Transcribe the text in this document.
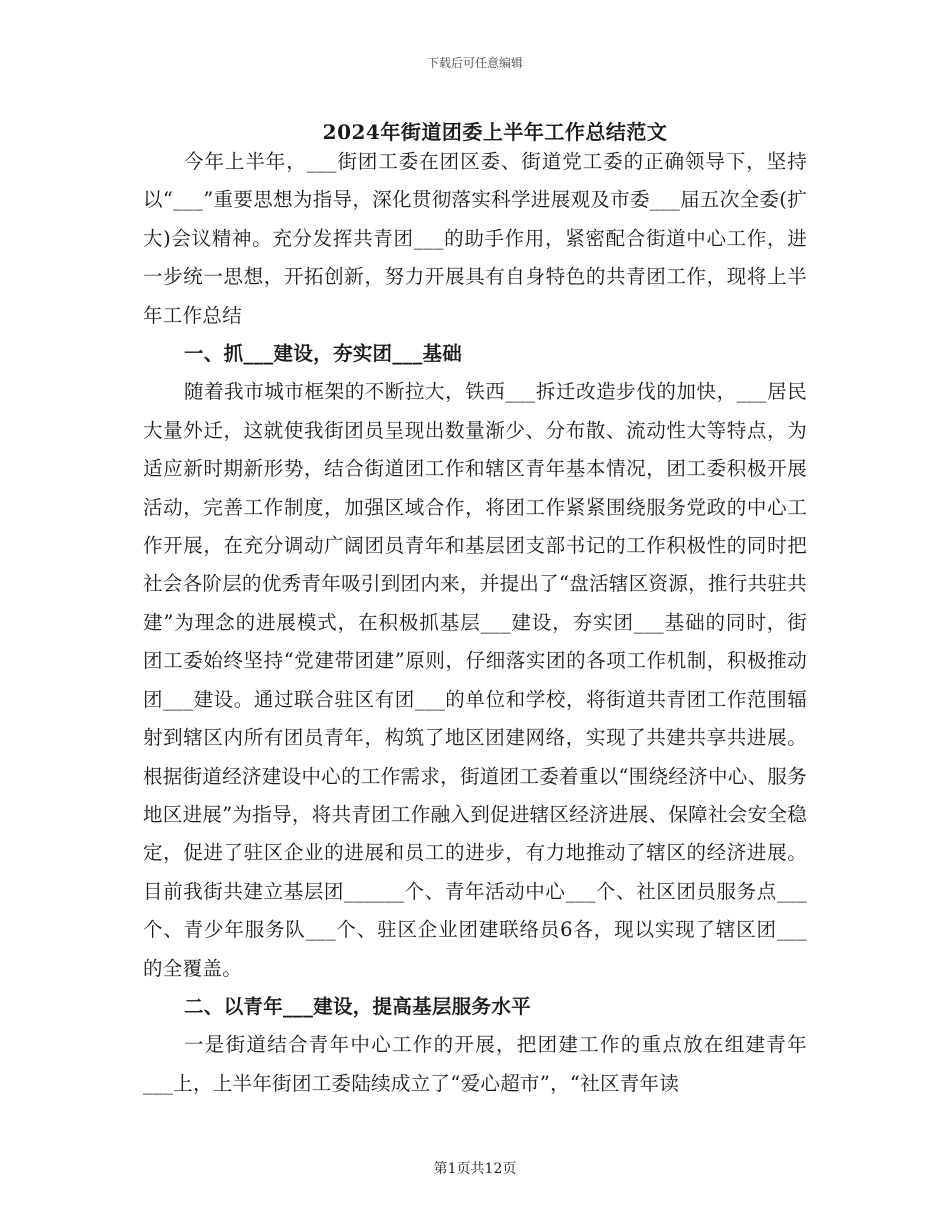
下载后可任意编辑
2024年街道团委上半年工作总结范文

今年上半年，___街团工委在团区委、街道党工委的正确领导下，坚持以“___”重要思想为指导，深化贯彻落实科学进展观及市委___届五次全委(扩大)会议精神。充分发挥共青团___的助手作用，紧密配合街道中心工作，进一步统一思想，开拓创新，努力开展具有自身特色的共青团工作，现将上半年工作总结

一、抓___建设，夯实团___基础

随着我市城市框架的不断拉大，铁西___拆迁改造步伐的加快，___居民大量外迁，这就使我街团员呈现出数量渐少、分布散、流动性大等特点，为适应新时期新形势，结合街道团工作和辖区青年基本情况，团工委积极开展活动，完善工作制度，加强区域合作，将团工作紧紧围绕服务党政的中心工作开展，在充分调动广阔团员青年和基层团支部书记的工作积极性的同时把社会各阶层的优秀青年吸引到团内来，并提出了“盘活辖区资源，推行共驻共建”为理念的进展模式，在积极抓基层___建设，夯实团___基础的同时，街团工委始终坚持“党建带团建”原则，仔细落实团的各项工作机制，积极推动团___建设。通过联合驻区有团___的单位和学校，将街道共青团工作范围辐射到辖区内所有团员青年，构筑了地区团建网络，实现了共建共享共进展。根据街道经济建设中心的工作需求，街道团工委着重以“围绕经济中心、服务地区进展”为指导，将共青团工作融入到促进辖区经济进展、保障社会安全稳定，促进了驻区企业的进展和员工的进步，有力地推动了辖区的经济进展。目前我街共建立基层团______个、青年活动中心___个、社区团员服务点___个、青少年服务队___个、驻区企业团建联络员6各，现以实现了辖区团___的全覆盖。

二、以青年___建设，提高基层服务水平

一是街道结合青年中心工作的开展，把团建工作的重点放在组建青年___上，上半年街团工委陆续成立了“爱心超市”，“社区青年读

第1页共12页
